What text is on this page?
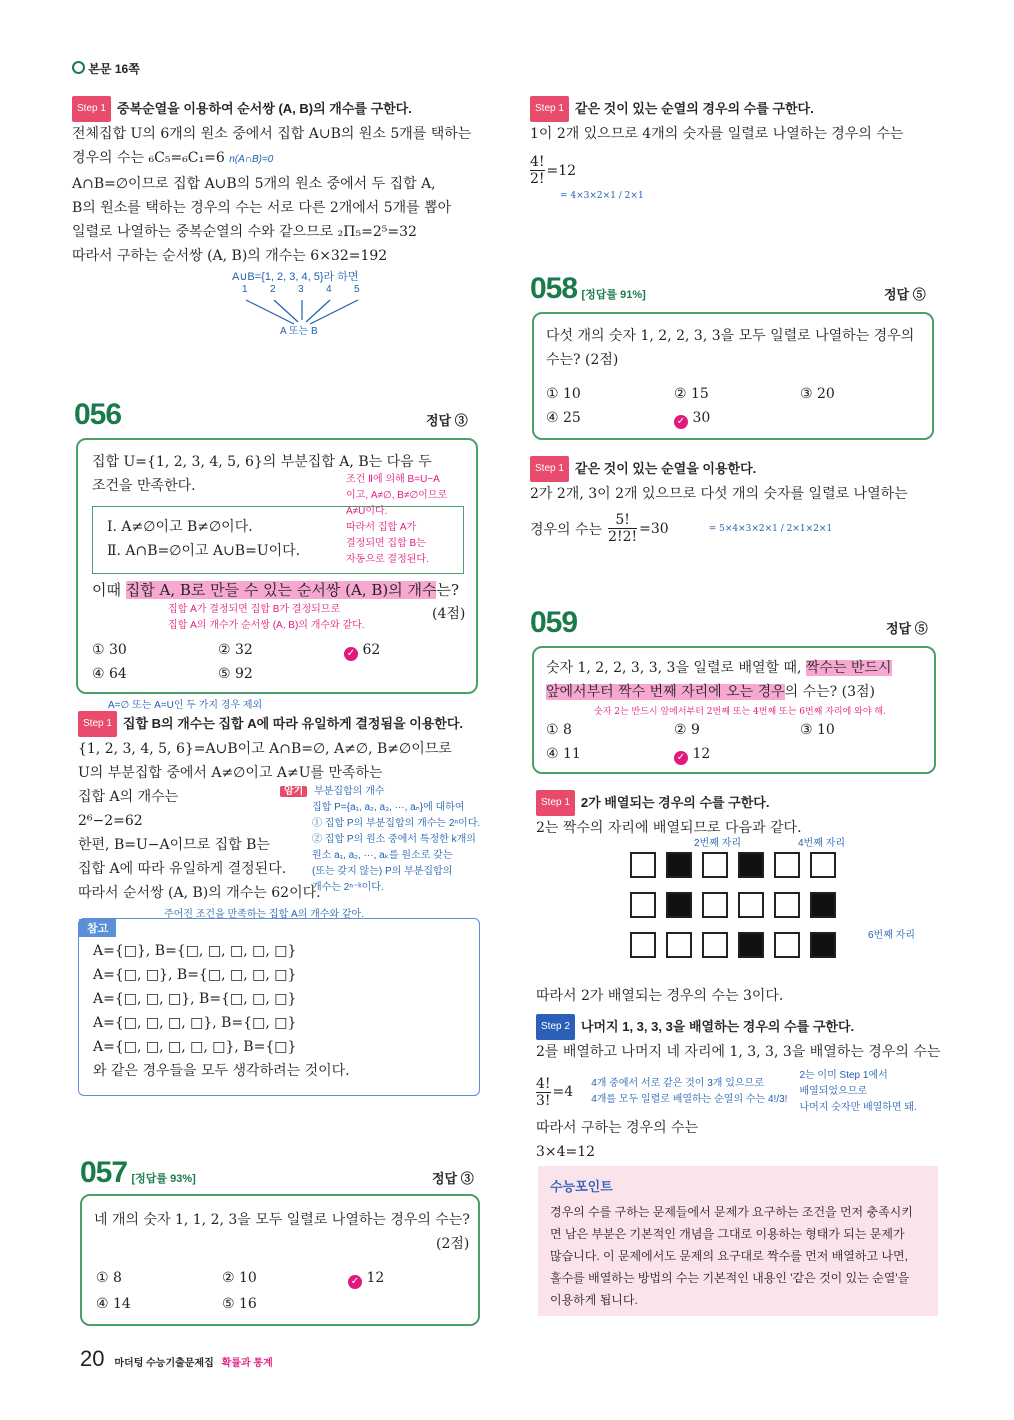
본문 16쪽
Step 1 중복순열을 이용하여 순서쌍 (A, B)의 개수를 구한다.
전체집합 U의 6개의 원소 중에서 집합 A∪B의 원소 5개를 택하는
경우의 수는 ₆C₅=₆C₁=6 n(A∩B)=0
A∩B=∅이므로 집합 A∪B의 5개의 원소 중에서 두 집합 A,
B의 원소를 택하는 경우의 수는 서로 다른 2개에서 5개를 뽑아
일렬로 나열하는 중복순열의 수와 같으므로 ₂Π₅=2⁵=32
따라서 구하는 순서쌍 (A, B)의 개수는 6×32=192
A∪B={1, 2, 3, 4, 5}라 하면
1 2 3 4 5
A 또는 B
056	정답 ③
집합 U={1, 2, 3, 4, 5, 6}의 부분집합 A, B는 다음 두
조건을 만족한다.	조건 Ⅱ에 의해 B=U−A
이고, A≠∅, B≠∅이므로
A≠U이다.
따라서 집합 A가
결정되면 집합 B는
자동으로 결정된다.
Ⅰ. A≠∅이고 B≠∅이다.
Ⅱ. A∩B=∅이고 A∪B=U이다.
이때 집합 A, B로 만들 수 있는 순서쌍 (A, B)의 개수는?
(4점)
집합 A가 결정되면 집합 B가 결정되므로
집합 A의 개수가 순서쌍 (A, B)의 개수와 같다.
① 30	② 32	✓ 62
④ 64	⑤ 92
A=∅ 또는 A=U인 두 가지 경우 제외
Step 1 집합 B의 개수는 집합 A에 따라 유일하게 결정됨을 이용한다.
{1, 2, 3, 4, 5, 6}=A∪B이고 A∩B=∅, A≠∅, B≠∅이므로
U의 부분집합 중에서 A≠∅이고 A≠U를 만족하는
집합 A의 개수는
2⁶−2=62
한편, B=U−A이므로 집합 B는
집합 A에 따라 유일하게 결정된다.
따라서 순서쌍 (A, B)의 개수는 62이다.
주어진 조건을 만족하는 집합 A의 개수와 같아.
암기 부분집합의 개수
집합 P={a₁, a₂, a₃, ···, aₙ}에 대하여
① 집합 P의 부분집합의 개수는 2ⁿ이다.
② 집합 P의 원소 중에서 특정한 k개의
원소 a₁, a₂, ···, aₖ를 원소로 갖는
(또는 갖지 않는) P의 부분집합의
개수는 2ⁿ⁻ᵏ이다.
참고
A={□}, B={□, □, □, □, □}
A={□, □}, B={□, □, □, □}
A={□, □, □}, B={□, □, □}
A={□, □, □, □}, B={□, □}
A={□, □, □, □, □}, B={□}
와 같은 경우들을 모두 생각하려는 것이다.
057 [정답률 93%]	정답 ③
네 개의 숫자 1, 1, 2, 3을 모두 일렬로 나열하는 경우의 수는?
(2점)
① 8	② 10	✓ 12
④ 14	⑤ 16
20 마더텅 수능기출문제집 확률과 통계
Step 1 같은 것이 있는 순열의 경우의 수를 구한다.
1이 2개 있으므로 4개의 숫자를 일렬로 나열하는 경우의 수는
$\frac{4!}{2!} =12$
= 4×3×2×1 / 2×1
058 [정답률 91%]	정답 ⑤
다섯 개의 숫자 1, 2, 2, 3, 3을 모두 일렬로 나열하는 경우의
수는? (2점)
① 10	② 15	③ 20
④ 25	✓ 30
Step 1 같은 것이 있는 순열을 이용한다.
2가 2개, 3이 2개 있으므로 다섯 개의 숫자를 일렬로 나열하는
경우의 수는 $\frac{5!}{2!2!} =30$	= 5×4×3×2×1 / 2×1×2×1
059	정답 ⑤
숫자 1, 2, 2, 3, 3, 3을 일렬로 배열할 때, 짝수는 반드시
앞에서부터 짝수 번째 자리에 오는 경우의 수는? (3점)
숫자 2는 반드시 앞에서부터 2번째 또는 4번째 또는 6번째 자리에 와야 해.
① 8	② 9	③ 10
④ 11	✓ 12
Step 1 2가 배열되는 경우의 수를 구한다.
2는 짝수의 자리에 배열되므로 다음과 같다.
2번째 자리	4번째 자리
6번째 자리
따라서 2가 배열되는 경우의 수는 3이다.
Step 2 나머지 1, 3, 3, 3을 배열하는 경우의 수를 구한다.
2를 배열하고 나머지 네 자리에 1, 3, 3, 3을 배열하는 경우의 수는
$\frac{4!}{3!} =4$
4개 중에서 서로 같은 것이 3개 있으므로
4개를 모두 일렬로 배열하는 순열의 수는 4!/3!
2는 이미 Step 1에서
배열되었으므로
나머지 숫자만 배열하면 돼.
따라서 구하는 경우의 수는
3×4=12
수능포인트
경우의 수를 구하는 문제들에서 문제가 요구하는 조건을 먼저 충족시키
면 남은 부분은 기본적인 개념을 그대로 이용하는 형태가 되는 문제가
많습니다. 이 문제에서도 문제의 요구대로 짝수를 먼저 배열하고 나면,
홀수를 배열하는 방법의 수는 기본적인 내용인 '같은 것이 있는 순열'을
이용하게 됩니다.
